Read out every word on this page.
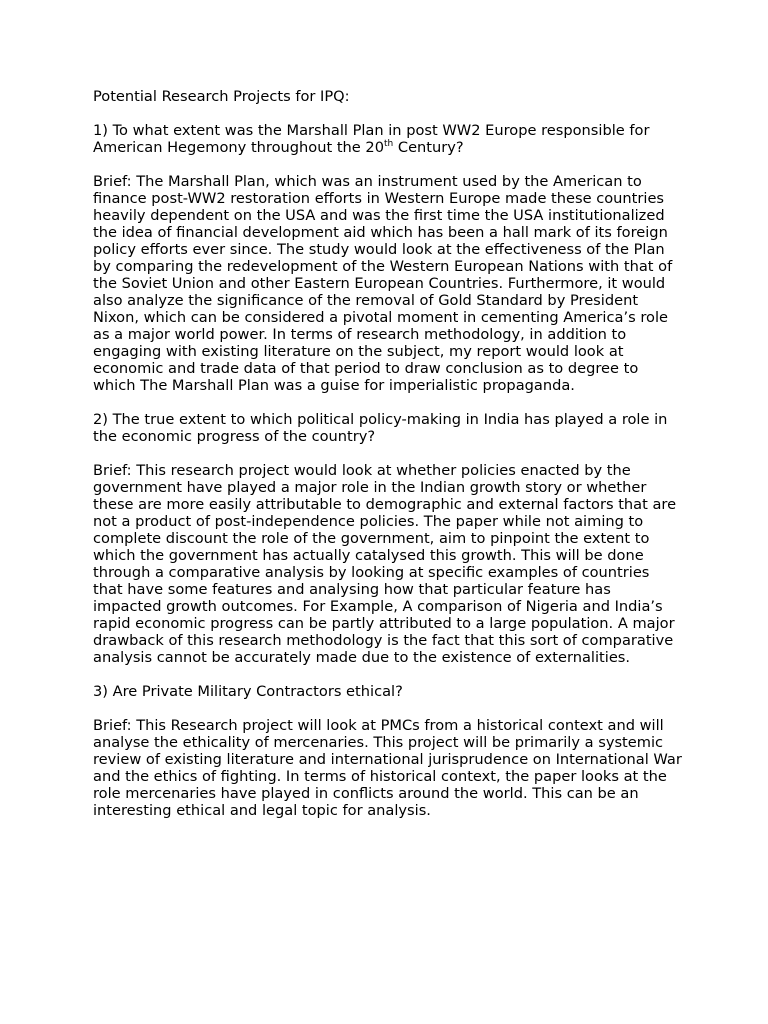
Potential Research Projects for IPQ:

1) To what extent was the Marshall Plan in post WW2 Europe responsible for American Hegemony throughout the 20th Century?

Brief: The Marshall Plan, which was an instrument used by the American to finance post-WW2 restoration efforts in Western Europe made these countries heavily dependent on the USA and was the first time the USA institutionalized the idea of financial development aid which has been a hall mark of its foreign policy efforts ever since. The study would look at the effectiveness of the Plan by comparing the redevelopment of the Western European Nations with that of the Soviet Union and other Eastern European Countries. Furthermore, it would also analyze the significance of the removal of Gold Standard by President Nixon, which can be considered a pivotal moment in cementing America’s role as a major world power. In terms of research methodology, in addition to engaging with existing literature on the subject, my report would look at economic and trade data of that period to draw conclusion as to degree to which The Marshall Plan was a guise for imperialistic propaganda.

2) The true extent to which political policy-making in India has played a role in the economic progress of the country?

Brief: This research project would look at whether policies enacted by the government have played a major role in the Indian growth story or whether these are more easily attributable to demographic and external factors that are not a product of post-independence policies. The paper while not aiming to complete discount the role of the government, aim to pinpoint the extent to which the government has actually catalysed this growth. This will be done through a comparative analysis by looking at specific examples of countries that have some features and analysing how that particular feature has impacted growth outcomes. For Example, A comparison of Nigeria and India’s rapid economic progress can be partly attributed to a large population. A major drawback of this research methodology is the fact that this sort of comparative analysis cannot be accurately made due to the existence of externalities.

3) Are Private Military Contractors ethical?

Brief: This Research project will look at PMCs from a historical context and will analyse the ethicality of mercenaries. This project will be primarily a systemic review of existing literature and international jurisprudence on International War and the ethics of fighting. In terms of historical context, the paper looks at the role mercenaries have played in conflicts around the world. This can be an interesting ethical and legal topic for analysis.
